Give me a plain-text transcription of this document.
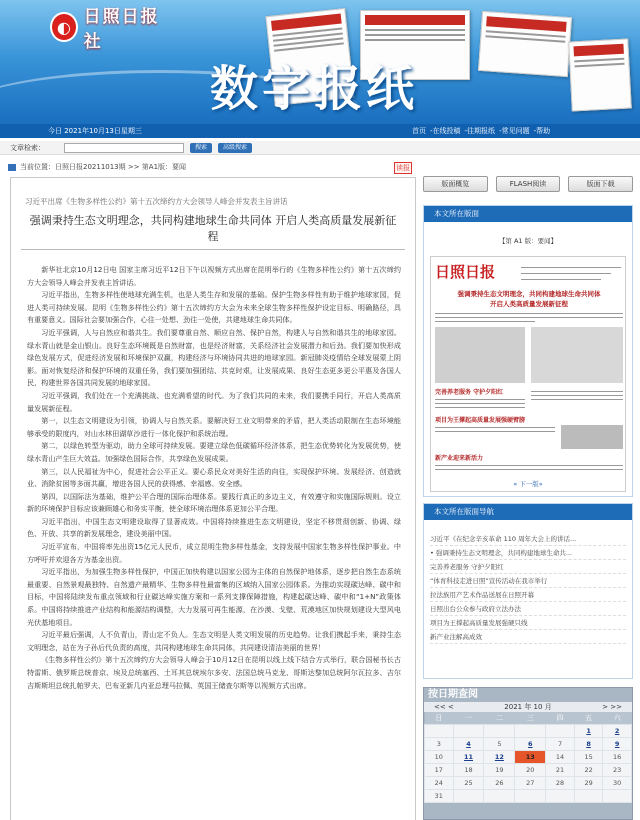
◐ 日照日报社
数字报纸
今日 2021年10月13日星期三	首页 -在线投稿 -往期报纸 -常见问题 -帮助
文章检索：	搜索	高级搜索
当前位置：日照日报20211013期 >> 第A1版：要闻	读报
习近平出席《生物多样性公约》第十五次缔约方大会领导人峰会并发表主旨讲话
强调秉持生态文明理念，共同构建地球生命共同体 开启人类高质量发展新征程

新华社北京10月12日电 国家主席习近平12日下午以视频方式出席在昆明举行的《生物多样性公约》第十五次缔约方大会领导人峰会并发表主旨讲话。

习近平指出，生物多样性使地球充满生机，也是人类生存和发展的基础。保护生物多样性有助于维护地球家园，促进人类可持续发展。昆明《生物多样性公约》第十五次缔约方大会为未来全球生物多样性保护设定目标、明确路径，具有重要意义。国际社会要加强合作，心往一处想、劲往一处使，共建地球生命共同体。

习近平强调，人与自然应和谐共生。我们要尊重自然、顺应自然、保护自然，构建人与自然和谐共生的地球家园。绿水青山就是金山银山。良好生态环境既是自然财富，也是经济财富，关系经济社会发展潜力和后劲。我们要加快形成绿色发展方式，促进经济发展和环境保护双赢，构建经济与环境协同共进的地球家园。新冠肺炎疫情给全球发展蒙上阴影。面对恢复经济和保护环境的双重任务，我们要加强团结、共克时艰，让发展成果、良好生态更多更公平惠及各国人民，构建世界各国共同发展的地球家园。

习近平强调，我们处在一个充满挑战、也充满希望的时代。为了我们共同的未来，我们要携手同行，开启人类高质量发展新征程。

第一，以生态文明建设为引领，协调人与自然关系。要解决好工业文明带来的矛盾，把人类活动限制在生态环境能够承受的限度内，对山水林田湖草沙进行一体化保护和系统治理。

第二，以绿色转型为驱动，助力全球可持续发展。要建立绿色低碳循环经济体系，把生态优势转化为发展优势，使绿水青山产生巨大效益。加强绿色国际合作，共享绿色发展成果。

第三，以人民福祉为中心，促进社会公平正义。要心系民众对美好生活的向往，实现保护环境、发展经济、创造就业、消除贫困等多面共赢，增进各国人民的获得感、幸福感、安全感。

第四，以国际法为基础，维护公平合理的国际治理体系。要践行真正的多边主义，有效遵守和实施国际规则。设立新的环境保护目标应该兼顾雄心和务实平衡，使全球环境治理体系更加公平合理。

习近平指出，中国生态文明建设取得了显著成效。中国将持续推进生态文明建设，坚定不移贯彻创新、协调、绿色、开放、共享的新发展理念，建设美丽中国。

习近平宣布，中国将率先出资15亿元人民币，成立昆明生物多样性基金，支持发展中国家生物多样性保护事业。中方呼吁并欢迎各方为基金出资。

习近平指出，为加强生物多样性保护，中国正加快构建以国家公园为主体的自然保护地体系，逐步把自然生态系统最重要、自然景观最独特、自然遗产最精华、生物多样性最富集的区域纳入国家公园体系。为推动实现碳达峰、碳中和目标，中国将陆续发布重点领域和行业碳达峰实施方案和一系列支撑保障措施，构建起碳达峰、碳中和“1+N”政策体系。中国将持续推进产业结构和能源结构调整，大力发展可再生能源，在沙漠、戈壁、荒漠地区加快规划建设大型风电光伏基地项目。

习近平最后强调，人不负青山，青山定不负人。生态文明是人类文明发展的历史趋势。让我们携起手来，秉持生态文明理念，站在为子孙后代负责的高度，共同构建地球生命共同体，共同建设清洁美丽的世界！

《生物多样性公约》第十五次缔约方大会领导人峰会于10月12日在昆明以线上线下结合方式举行，联合国秘书长古特雷斯、俄罗斯总统普京、埃及总统塞西、土耳其总统埃尔多安、法国总统马克龙、哥斯达黎加总统阿尔瓦拉多、吉尔吉斯斯坦总统扎帕罗夫、巴布亚新几内亚总理马拉佩、英国王储查尔斯等以视频方式出席。

版面概览	FLASH阅读	版面下载
本文所在版面
【第 A1 版：要闻】
日照日报
强调秉持生态文明理念，共同构建地球生命共同体
开启人类高质量发展新征程
完善养老服务 守护夕阳红
项目为王撑起高质量发展强硬臂膀
新产业迎来新活力
« 下一版»
本文所在版面导航
习近平《在纪念辛亥革命 110 周年大会上的讲话...
• 强调秉持生态文明理念，共同构建地球生命共...
完善养老服务 守护夕阳红
“体育科技走进日照”宣传活动在我市举行
拉法族用产艺术作品送展在日照开幕
日照出台公众参与政府立法办法
项目为王撑起高质量发展强硬只线
新产业注解高成效
按日期查阅
<< <	2021 年 10 月	> >>
日	一	二	三	四	五	六
					1	2
3	4	5	6	7	8	9
10	11	12	13	14	15	16
17	18	19	20	21	22	23
24	25	26	27	28	29	30
31						
